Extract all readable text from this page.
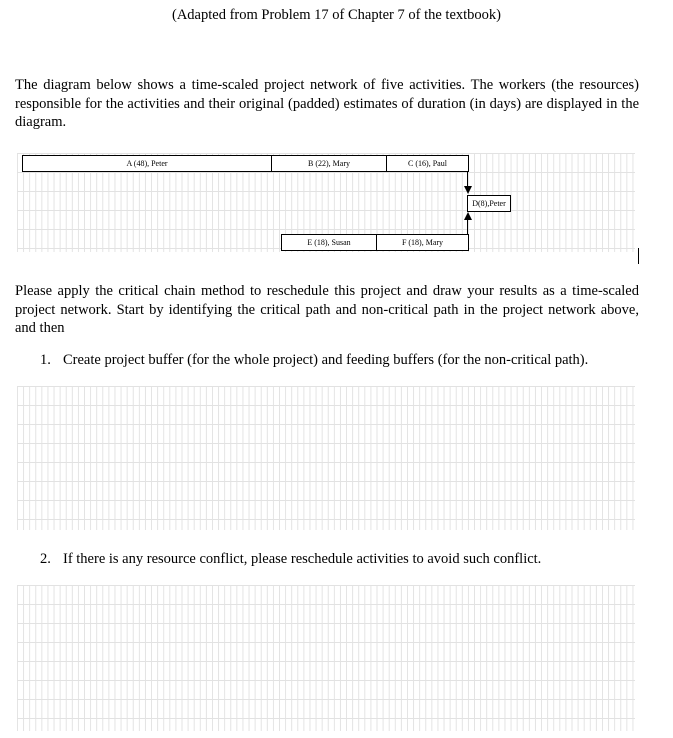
(Adapted from Problem 17 of Chapter 7 of the textbook)
The diagram below shows a time-scaled project network of five activities. The workers (the resources) responsible for the activities and their original (padded) estimates of duration (in days) are displayed in the diagram.
A (48), Peter	B (22), Mary	C (16), Paul
D(8),Peter
E (18), Susan	F (18), Mary
Please apply the critical chain method to reschedule this project and draw your results as a time-scaled project network. Start by identifying the critical path and non-critical path in the project network above, and then
1. Create project buffer (for the whole project) and feeding buffers (for the non-critical path).
2. If there is any resource conflict, please reschedule activities to avoid such conflict.
